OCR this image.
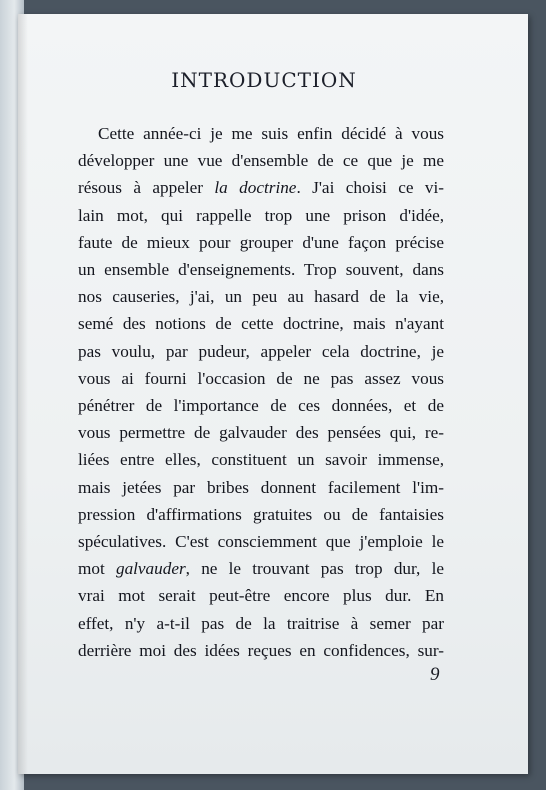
INTRODUCTION
Cette année-ci je me suis enfin décidé à vous
développer une vue d'ensemble de ce que je me
résous à appeler la doctrine. J'ai choisi ce vi-
lain mot, qui rappelle trop une prison d'idée,
faute de mieux pour grouper d'une façon précise
un ensemble d'enseignements. Trop souvent, dans
nos causeries, j'ai, un peu au hasard de la vie,
semé des notions de cette doctrine, mais n'ayant
pas voulu, par pudeur, appeler cela doctrine, je
vous ai fourni l'occasion de ne pas assez vous
pénétrer de l'importance de ces données, et de
vous permettre de galvauder des pensées qui, re-
liées entre elles, constituent un savoir immense,
mais jetées par bribes donnent facilement l'im-
pression d'affirmations gratuites ou de fantaisies
spéculatives. C'est consciemment que j'emploie le
mot galvauder, ne le trouvant pas trop dur, le
vrai mot serait peut-être encore plus dur. En
effet, n'y a-t-il pas de la traitrise à semer par
derrière moi des idées reçues en confidences, sur-
9
